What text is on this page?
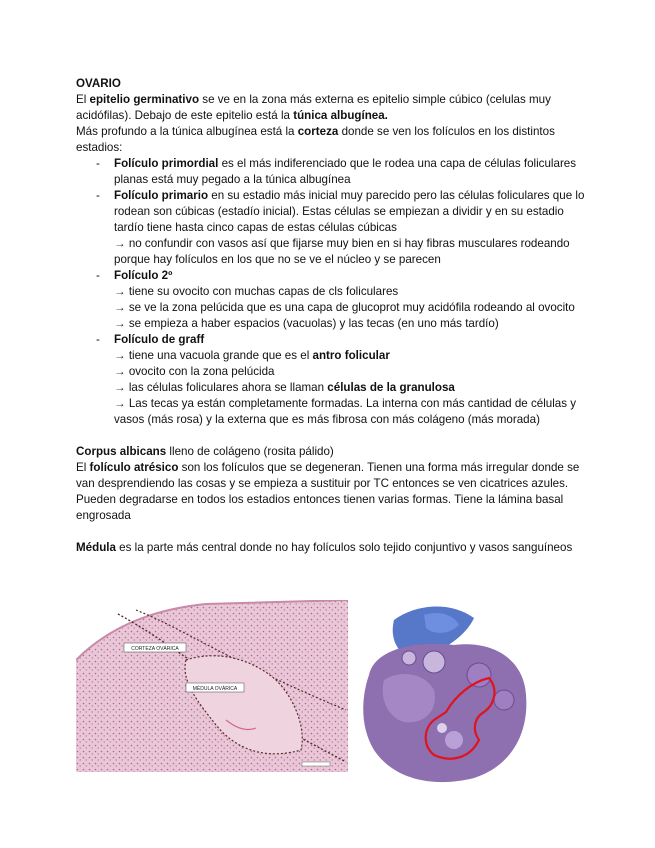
OVARIO

El epitelio germinativo se ve en la zona más externa es epitelio simple cúbico (celulas muy acidófilas). Debajo de este epitelio está la túnica albugínea.

Más profundo a la túnica albugínea está la corteza donde se ven los folículos en los distintos estadios:

- Folículo primordial es el más indiferenciado que le rodea una capa de células foliculares planas está muy pegado a la túnica albugínea
- Folículo primario en su estadio más inicial muy parecido pero las células foliculares que lo rodean son cúbicas (estadío inicial). Estas células se empiezan a dividir y en su estadio tardío tiene hasta cinco capas de estas células cúbicas
→ no confundir con vasos así que fijarse muy bien en si hay fibras musculares rodeando porque hay folículos en los que no se ve el núcleo y se parecen
- Folículo 2º
→ tiene su ovocito con muchas capas de cls foliculares
→ se ve la zona pelúcida que es una capa de glucoprot muy acidófila rodeando al ovocito
→ se empieza a haber espacios (vacuolas) y las tecas (en uno más tardío)
- Folículo de graff
→ tiene una vacuola grande que es el antro folicular
→ ovocito con la zona pelúcida
→ las células foliculares ahora se llaman células de la granulosa
→ Las tecas ya están completamente formadas. La interna con más cantidad de células y vasos (más rosa) y la externa que es más fibrosa con más colágeno (más morada)

Corpus albicans lleno de colágeno (rosita pálido)

El folículo atrésico son los folículos que se degeneran. Tienen una forma más irregular donde se van desprendiendo las cosas y se empieza a sustituir por TC entonces se ven cicatrices azules. Pueden degradarse en todos los estadios entonces tienen varias formas. Tiene la lámina basal engrosada

Médula es la parte más central donde no hay folículos solo tejido conjuntivo y vasos sanguíneos

CORTEZA OVÁRICA
MÉDULA OVÁRICA
